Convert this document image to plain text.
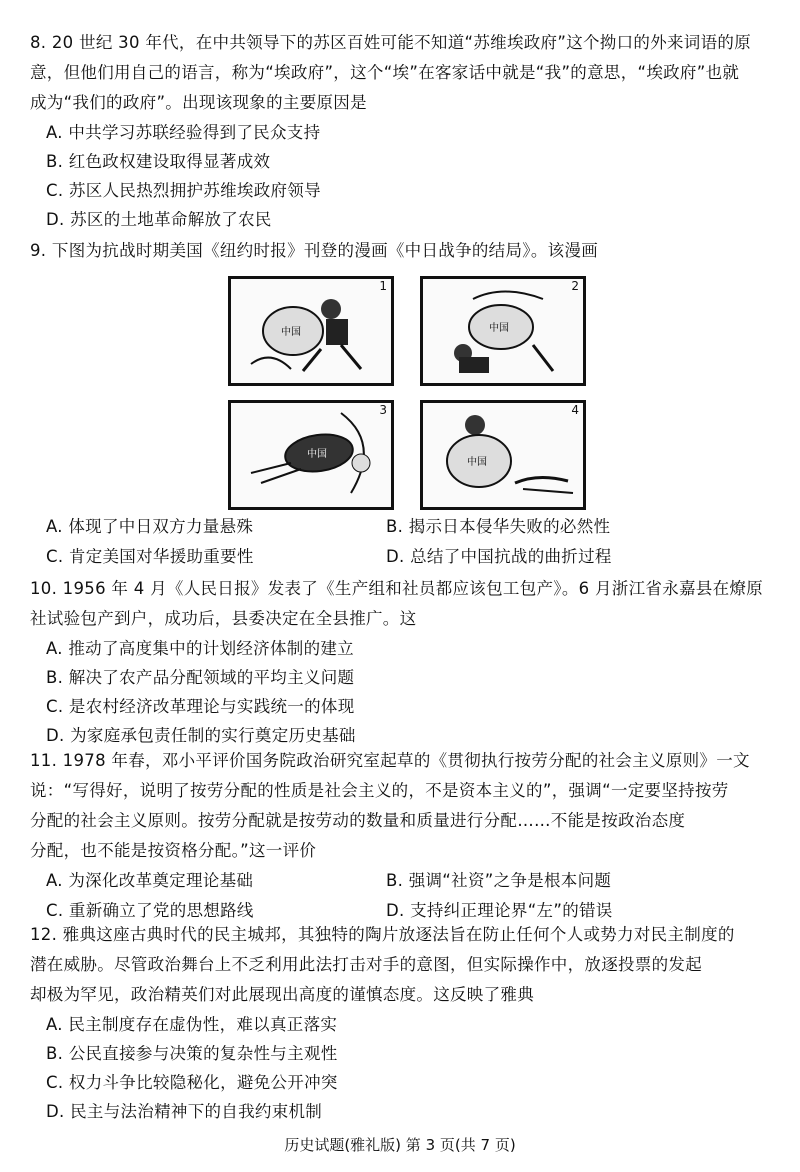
8. 20 世纪 30 年代，在中共领导下的苏区百姓可能不知道“苏维埃政府”这个拗口的外来词语的原
意，但他们用自己的语言，称为“埃政府”，这个“埃”在客家话中就是“我”的意思，“埃政府”也就
成为“我们的政府”。出现该现象的主要原因是
A. 中共学习苏联经验得到了民众支持
B. 红色政权建设取得显著成效
C. 苏区人民热烈拥护苏维埃政府领导
D. 苏区的土地革命解放了农民
9. 下图为抗战时期美国《纽约时报》刊登的漫画《中日战争的结局》。该漫画
1
中国
2
中国
3
中国
4
中国
A. 体现了中日双方力量悬殊	B. 揭示日本侵华失败的必然性
C. 肯定美国对华援助重要性	D. 总结了中国抗战的曲折过程
10. 1956 年 4 月《人民日报》发表了《生产组和社员都应该包工包产》。6 月浙江省永嘉县在燎原
社试验包产到户，成功后，县委决定在全县推广。这
A. 推动了高度集中的计划经济体制的建立
B. 解决了农产品分配领域的平均主义问题
C. 是农村经济改革理论与实践统一的体现
D. 为家庭承包责任制的实行奠定历史基础
11. 1978 年春，邓小平评价国务院政治研究室起草的《贯彻执行按劳分配的社会主义原则》一文
说：“写得好，说明了按劳分配的性质是社会主义的，不是资本主义的”，强调“一定要坚持按劳
分配的社会主义原则。按劳分配就是按劳动的数量和质量进行分配……不能是按政治态度
分配，也不能是按资格分配。”这一评价
A. 为深化改革奠定理论基础	B. 强调“社资”之争是根本问题
C. 重新确立了党的思想路线	D. 支持纠正理论界“左”的错误
12. 雅典这座古典时代的民主城邦，其独特的陶片放逐法旨在防止任何个人或势力对民主制度的
潜在威胁。尽管政治舞台上不乏利用此法打击对手的意图，但实际操作中，放逐投票的发起
却极为罕见，政治精英们对此展现出高度的谨慎态度。这反映了雅典
A. 民主制度存在虚伪性，难以真正落实
B. 公民直接参与决策的复杂性与主观性
C. 权力斗争比较隐秘化，避免公开冲突
D. 民主与法治精神下的自我约束机制
历史试题(雅礼版) 第 3 页(共 7 页)
